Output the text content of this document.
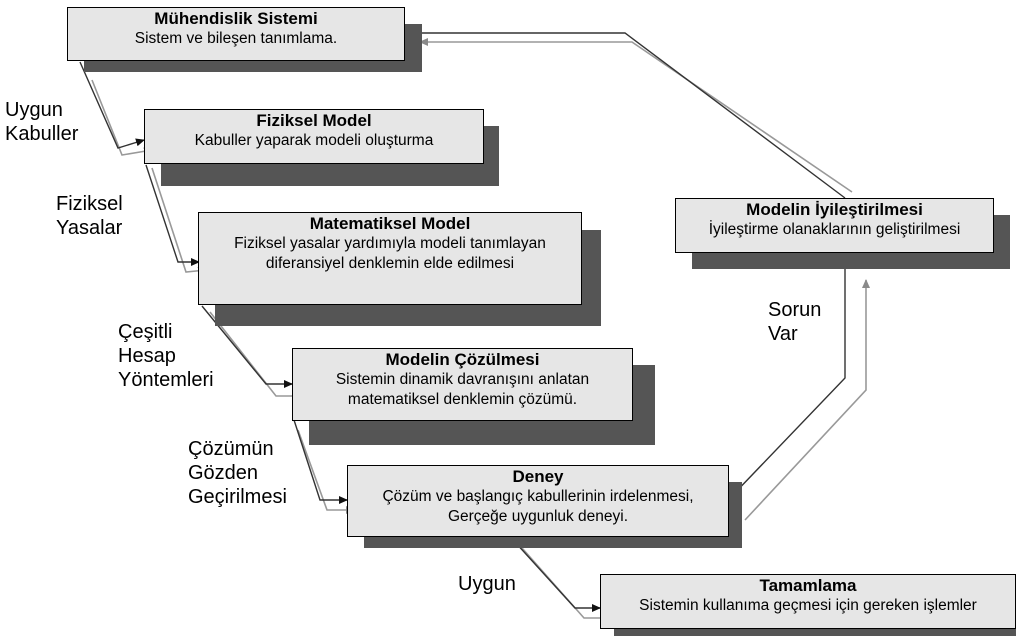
Mühendislik Sistemi
Sistem ve bileşen tanımlama.
Fiziksel Model
Kabuller yaparak modeli oluşturma
Matematiksel Model
Fiziksel yasalar yardımıyla modeli tanımlayan
diferansiyel denklemin elde edilmesi
Modelin Çözülmesi
Sistemin dinamik davranışını anlatan
matematiksel denklemin çözümü.
Deney
Çözüm ve başlangıç kabullerinin irdelenmesi,
Gerçeğe uygunluk deneyi.
Tamamlama
Sistemin kullanıma geçmesi için gereken işlemler
Modelin İyileştirilmesi
İyileştirme olanaklarının geliştirilmesi
Uygun
Kabuller
Fiziksel
Yasalar
Çeşitli
Hesap
Yöntemleri
Çözümün
Gözden
Geçirilmesi
Uygun
Sorun
Var
